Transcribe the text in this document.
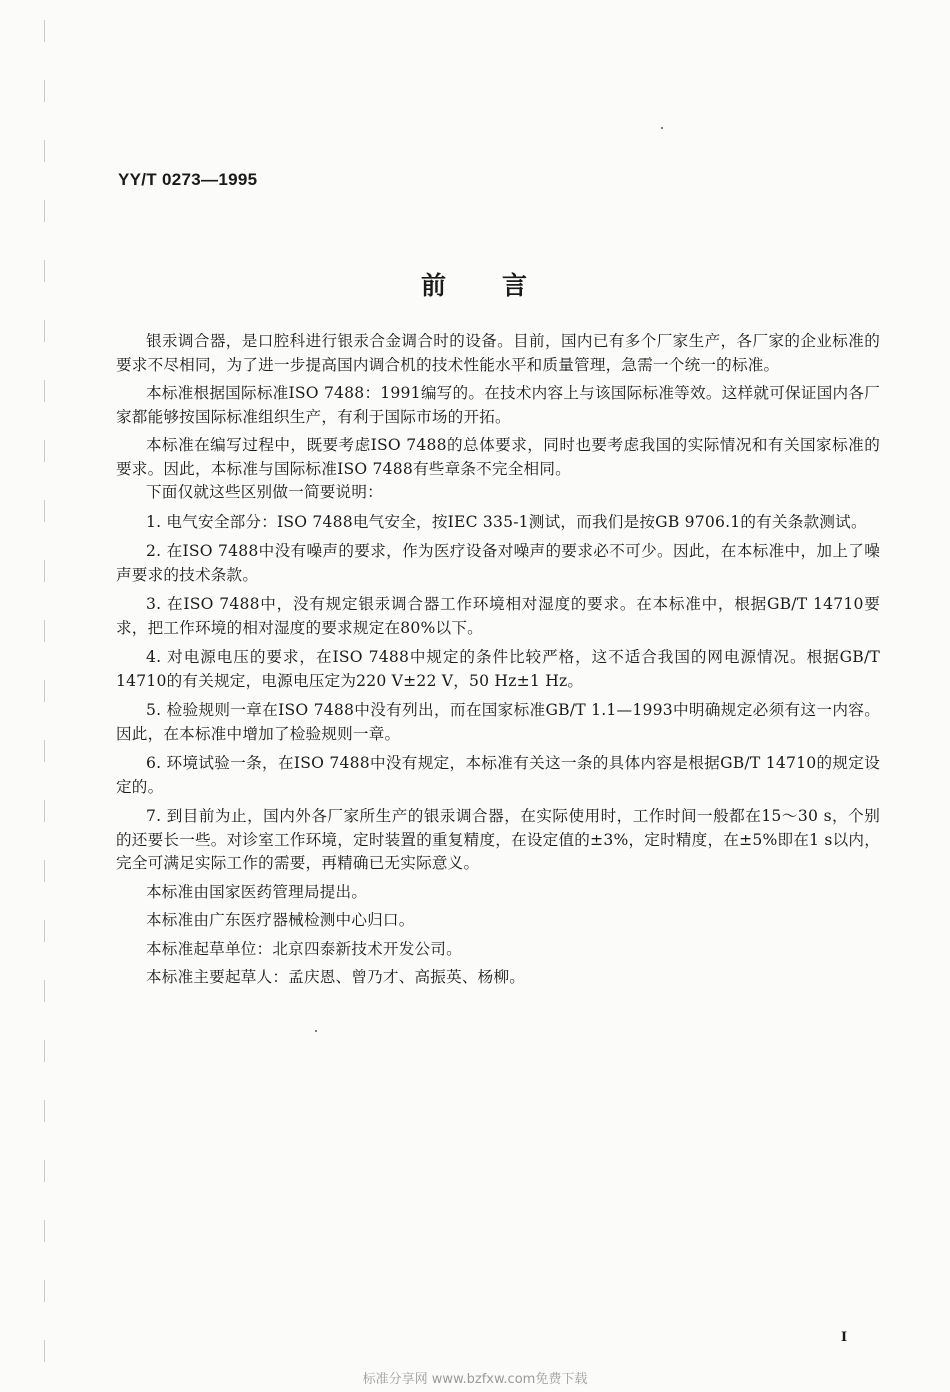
YY/T 0273—1995
前 言

银汞调合器，是口腔科进行银汞合金调合时的设备。目前，国内已有多个厂家生产，各厂家的企业标准的要求不尽相同，为了进一步提高国内调合机的技术性能水平和质量管理，急需一个统一的标准。

本标准根据国际标准ISO 7488：1991编写的。在技术内容上与该国际标准等效。这样就可保证国内各厂家都能够按国际标准组织生产，有利于国际市场的开拓。

本标准在编写过程中，既要考虑ISO 7488的总体要求，同时也要考虑我国的实际情况和有关国家标准的要求。因此，本标准与国际标准ISO 7488有些章条不完全相同。

下面仅就这些区别做一简要说明：

1. 电气安全部分：ISO 7488电气安全，按IEC 335-1测试，而我们是按GB 9706.1的有关条款测试。

2. 在ISO 7488中没有噪声的要求，作为医疗设备对噪声的要求必不可少。因此，在本标准中，加上了噪声要求的技术条款。

3. 在ISO 7488中，没有规定银汞调合器工作环境相对湿度的要求。在本标准中，根据GB/T 14710要求，把工作环境的相对湿度的要求规定在80%以下。

4. 对电源电压的要求，在ISO 7488中规定的条件比较严格，这不适合我国的网电源情况。根据GB/T 14710的有关规定，电源电压定为220 V±22 V，50 Hz±1 Hz。

5. 检验规则一章在ISO 7488中没有列出，而在国家标准GB/T 1.1—1993中明确规定必须有这一内容。因此，在本标准中增加了检验规则一章。

6. 环境试验一条，在ISO 7488中没有规定，本标准有关这一条的具体内容是根据GB/T 14710的规定设定的。

7. 到目前为止，国内外各厂家所生产的银汞调合器，在实际使用时，工作时间一般都在15～30 s，个别的还要长一些。对诊室工作环境，定时装置的重复精度，在设定值的±3%，定时精度，在±5%即在1 s以内，完全可满足实际工作的需要，再精确已无实际意义。

本标准由国家医药管理局提出。

本标准由广东医疗器械检测中心归口。

本标准起草单位：北京四泰新技术开发公司。

本标准主要起草人：孟庆恩、曾乃才、高振英、杨柳。

I
标准分享网 www.bzfxw.com免费下载
